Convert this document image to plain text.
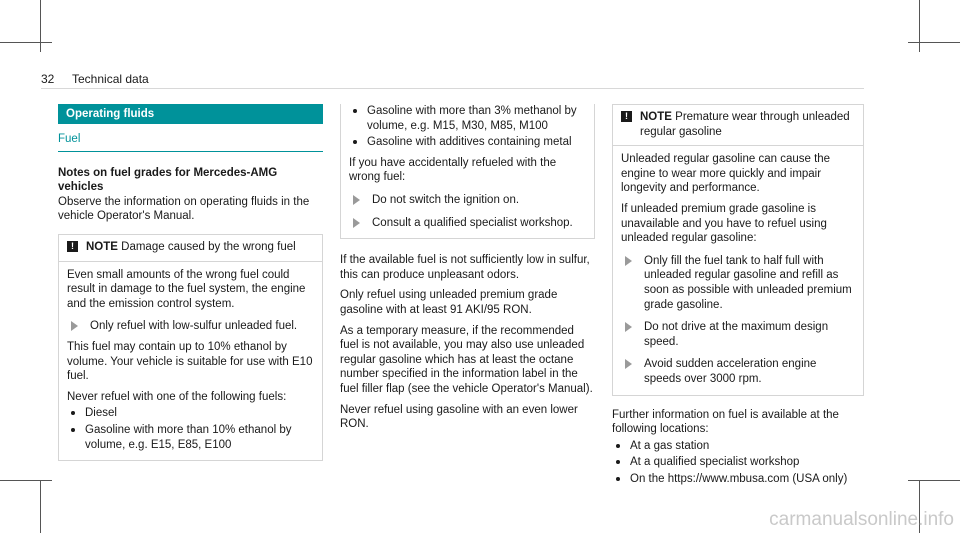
32 Technical data
Operating fluids
Fuel

Notes on fuel grades for Mercedes-AMG vehicles

Observe the information on operating fluids in the vehicle Operator's Manual.

!	NOTE Damage caused by the wrong fuel

Even small amounts of the wrong fuel could result in damage to the fuel system, the engine and the emission control system.

Only refuel with low-sulfur unleaded fuel.

This fuel may contain up to 10% ethanol by volume. Your vehicle is suitable for use with E10 fuel.

Never refuel with one of the following fuels:

Diesel
Gasoline with more than 10% ethanol by volume, e.g. E15, E85, E100
Gasoline with more than 3% methanol by volume, e.g. M15, M30, M85, M100
Gasoline with additives containing metal

If you have accidentally refueled with the wrong fuel:

Do not switch the ignition on.
Consult a qualified specialist workshop.

If the available fuel is not sufficiently low in sulfur, this can produce unpleasant odors.

Only refuel using unleaded premium grade gasoline with at least 91 AKI/95 RON.

As a temporary measure, if the recommended fuel is not available, you may also use unleaded regular gasoline which has at least the octane number specified in the information label in the fuel filler flap (see the vehicle Operator's Manual).

Never refuel using gasoline with an even lower RON.

!	NOTE Premature wear through unleaded regular gasoline

Unleaded regular gasoline can cause the engine to wear more quickly and impair longevity and performance.

If unleaded premium grade gasoline is unavailable and you have to refuel using unleaded regular gasoline:

Only fill the fuel tank to half full with unleaded regular gasoline and refill as soon as possible with unleaded premium grade gasoline.
Do not drive at the maximum design speed.
Avoid sudden acceleration engine speeds over 3000 rpm.

Further information on fuel is available at the following locations:

At a gas station
At a qualified specialist workshop
On the https://www.mbusa.com (USA only)
carmanualsonline.info
